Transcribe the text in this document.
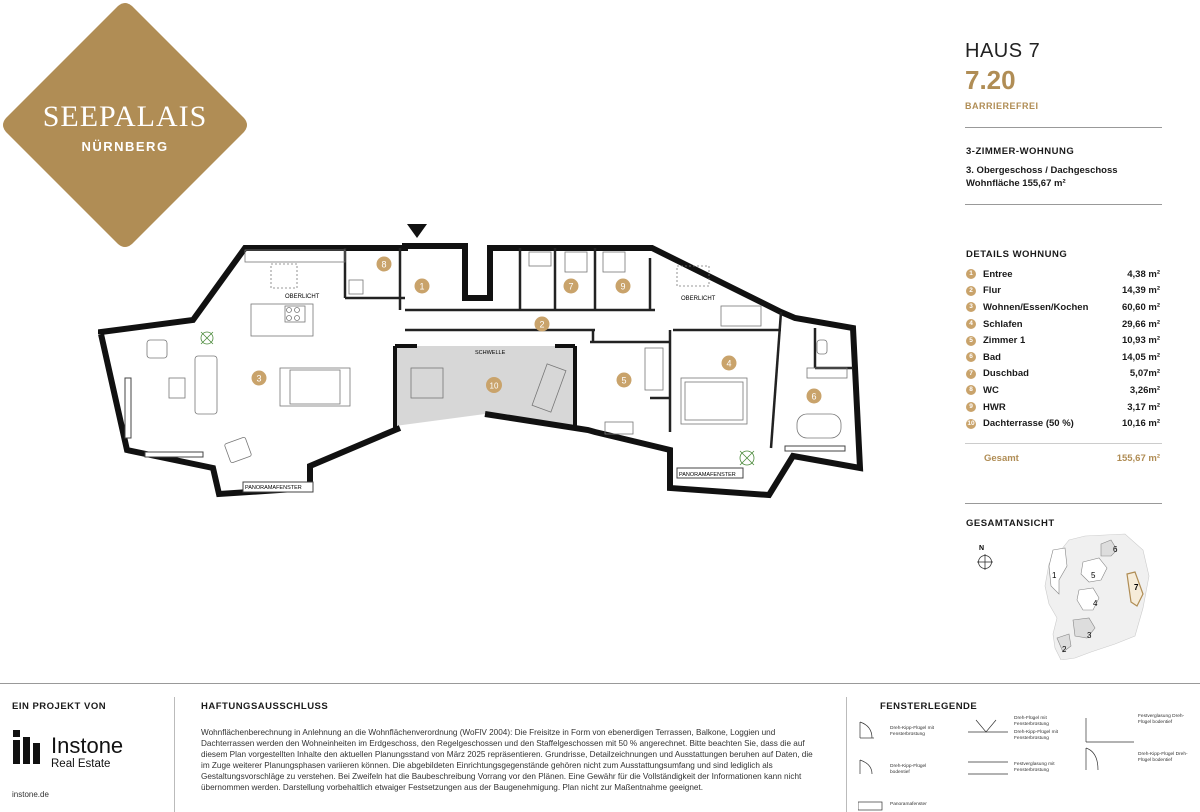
SEEPALAIS
NÜRNBERG
HAUS 7
7.20
BARRIEREFREI
3-ZIMMER-WOHNUNG
3. Obergeschoss / Dachgeschoss
Wohnfläche 155,67 m²
DETAILS WOHNUNG
1	Entree	4,38 m²
2	Flur	14,39 m²
3	Wohnen/Essen/Kochen	60,60 m²
4	Schlafen	29,66 m²
5	Zimmer 1	10,93 m²
6	Bad	14,05 m²
7	Duschbad	5,07m²
8	WC	3,26m²
9	HWR	3,17 m²
10 Dachterrasse (50 %)	10,16 m²
Gesamt	155,67 m²
GESAMTANSICHT
N
1
2
3
4
5
6
7
PANORAMAFENSTER
PANORAMAFENSTER
OBERLICHT	OBERLICHT
SCHWELLE
1
2
3
4
5
6
7
8
9
10
EIN PROJEKT VON
Instone
Real Estate
instone.de
HAFTUNGSAUSSCHLUSS
Wohnflächenberechnung in Anlehnung an die Wohnflächenverordnung (WoFlV 2004): Die Freisitze in Form von ebenerdigen Terrassen, Balkone, Loggien und Dachterrassen werden den Wohneinheiten im Erdgeschoss, den Regelgeschossen und den Staffelgeschossen mit 50 % angerechnet. Bitte beachten Sie, dass die auf diesem Plan vorgestellten Inhalte den aktuellen Planungsstand von März 2025 repräsentieren. Grundrisse, Detailzeichnungen und Ausstattungen beruhen auf Daten, die im Zuge weiterer Planungsphasen variieren können. Die abgebildeten Einrichtungsgegenstände gehören nicht zum Ausstattungsumfang und sind lediglich als Gestaltungsvorschläge zu verstehen. Bei Zweifeln hat die Baubeschreibung Vorrang vor den Plänen. Eine Gewähr für die Vollständigkeit der Informationen kann nicht übernommen werden. Darstellung vorbehaltlich etwaiger Festsetzungen aus der Baugenehmigung. Plan nicht zur Maßentnahme geeignet.
FENSTERLEGENDE
Dreh-Kipp-Flügel mit Fensterbrüstung
Dreh-Flügel mit Fensterbrüstung
Dreh-Kipp-Flügel mit Fensterbrüstung
Festverglasung Dreh-Flügel bodentief
Dreh-Kipp-Flügel bodentief
Festverglasung mit Fensterbrüstung
Dreh-Kipp-Flügel Dreh-Flügel bodentief
Panoramafenster
